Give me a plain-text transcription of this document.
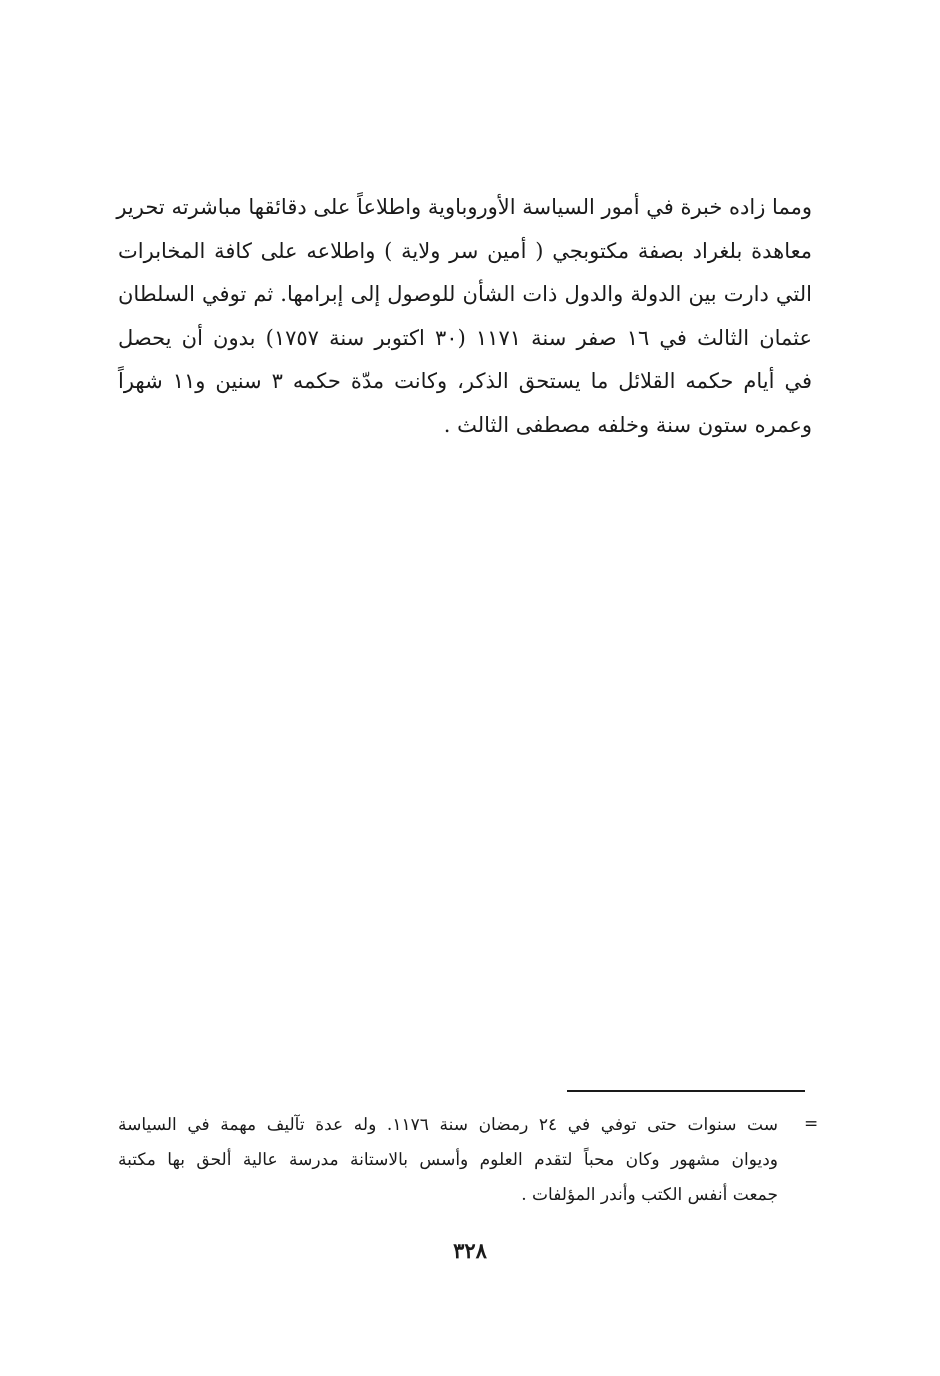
ومما زاده خبرة في أمور السياسة الأوروباوية واطلاعاً على دقائقها مباشرته تحرير
معاهدة بلغراد بصفة مكتوبجي ( أمين سر ولاية ) واطلاعه على كافة المخابرات
التي دارت بين الدولة والدول ذات الشأن للوصول إلى إبرامها. ثم توفي السلطان
عثمان الثالث في ١٦ صفر سنة ١١٧١ (٣٠ اكتوبر سنة ١٧٥٧) بدون أن يحصل
في أيام حكمه القلائل ما يستحق الذكر، وكانت مدّة حكمه ٣ سنين و١١ شهراً
وعمره ستون سنة وخلفه مصطفى الثالث .
=
ست سنوات حتى توفي في ٢٤ رمضان سنة ١١٧٦. وله عدة تآليف مهمة في السياسة
وديوان مشهور وكان محباً لتقدم العلوم وأسس بالاستانة مدرسة عالية ألحق بها مكتبة
جمعت أنفس الكتب وأندر المؤلفات .
٣٢٨
